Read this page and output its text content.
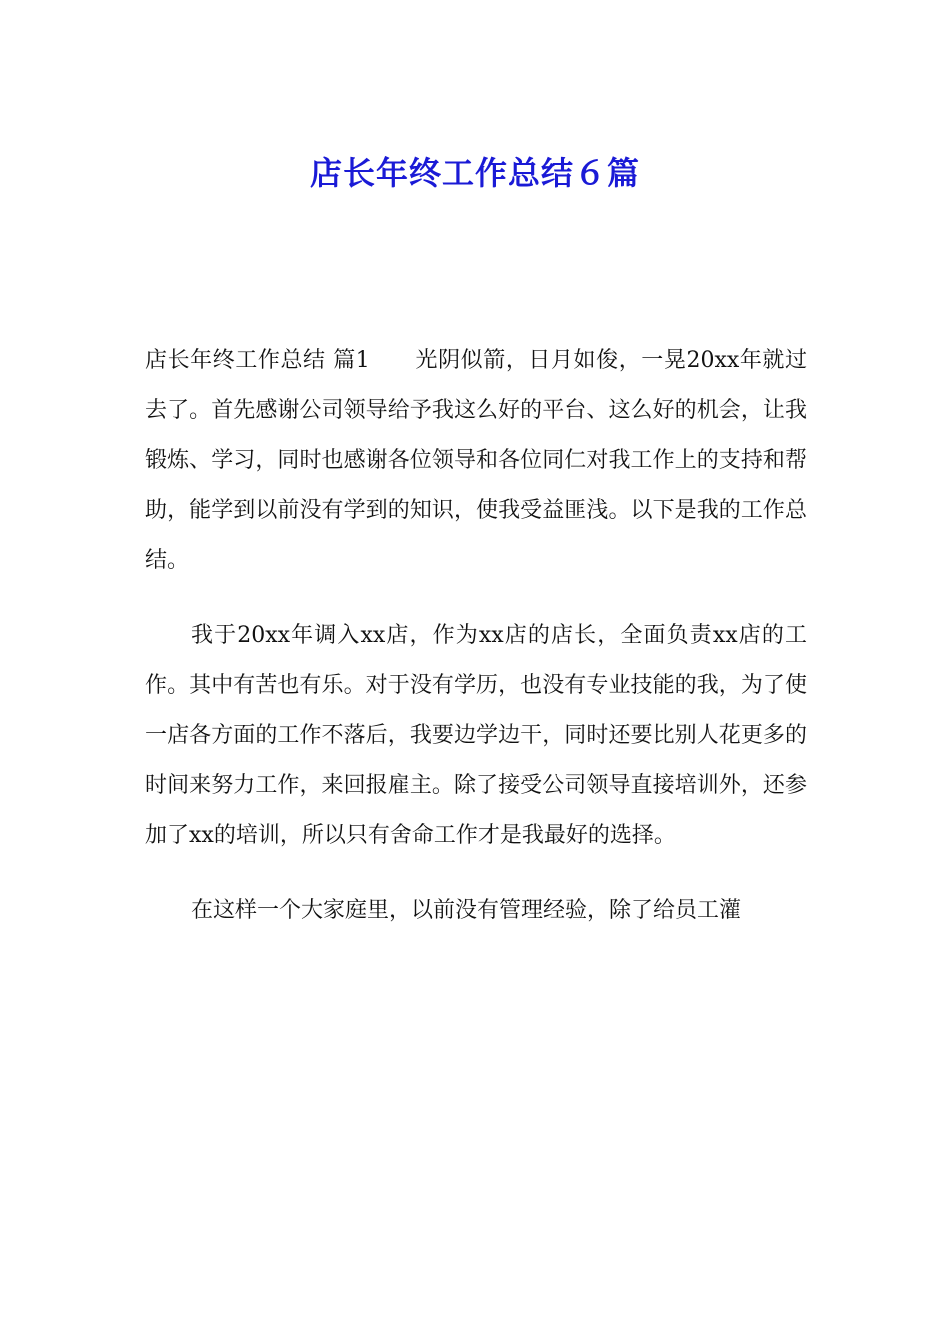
店长年终工作总结６篇

店长年终工作总结 篇1　　光阴似箭，日月如俊，一晃20xx年就过去了。首先感谢公司领导给予我这么好的平台、这么好的机会，让我锻炼、学习，同时也感谢各位领导和各位同仁对我工作上的支持和帮助，能学到以前没有学到的知识，使我受益匪浅。以下是我的工作总结。

我于20xx年调入xx店，作为xx店的店长，全面负责xx店的工作。其中有苦也有乐。对于没有学历，也没有专业技能的我，为了使一店各方面的工作不落后，我要边学边干，同时还要比别人花更多的时间来努力工作，来回报雇主。除了接受公司领导直接培训外，还参加了xx的培训，所以只有舍命工作才是我最好的选择。

在这样一个大家庭里，以前没有管理经验，除了给员工灌
